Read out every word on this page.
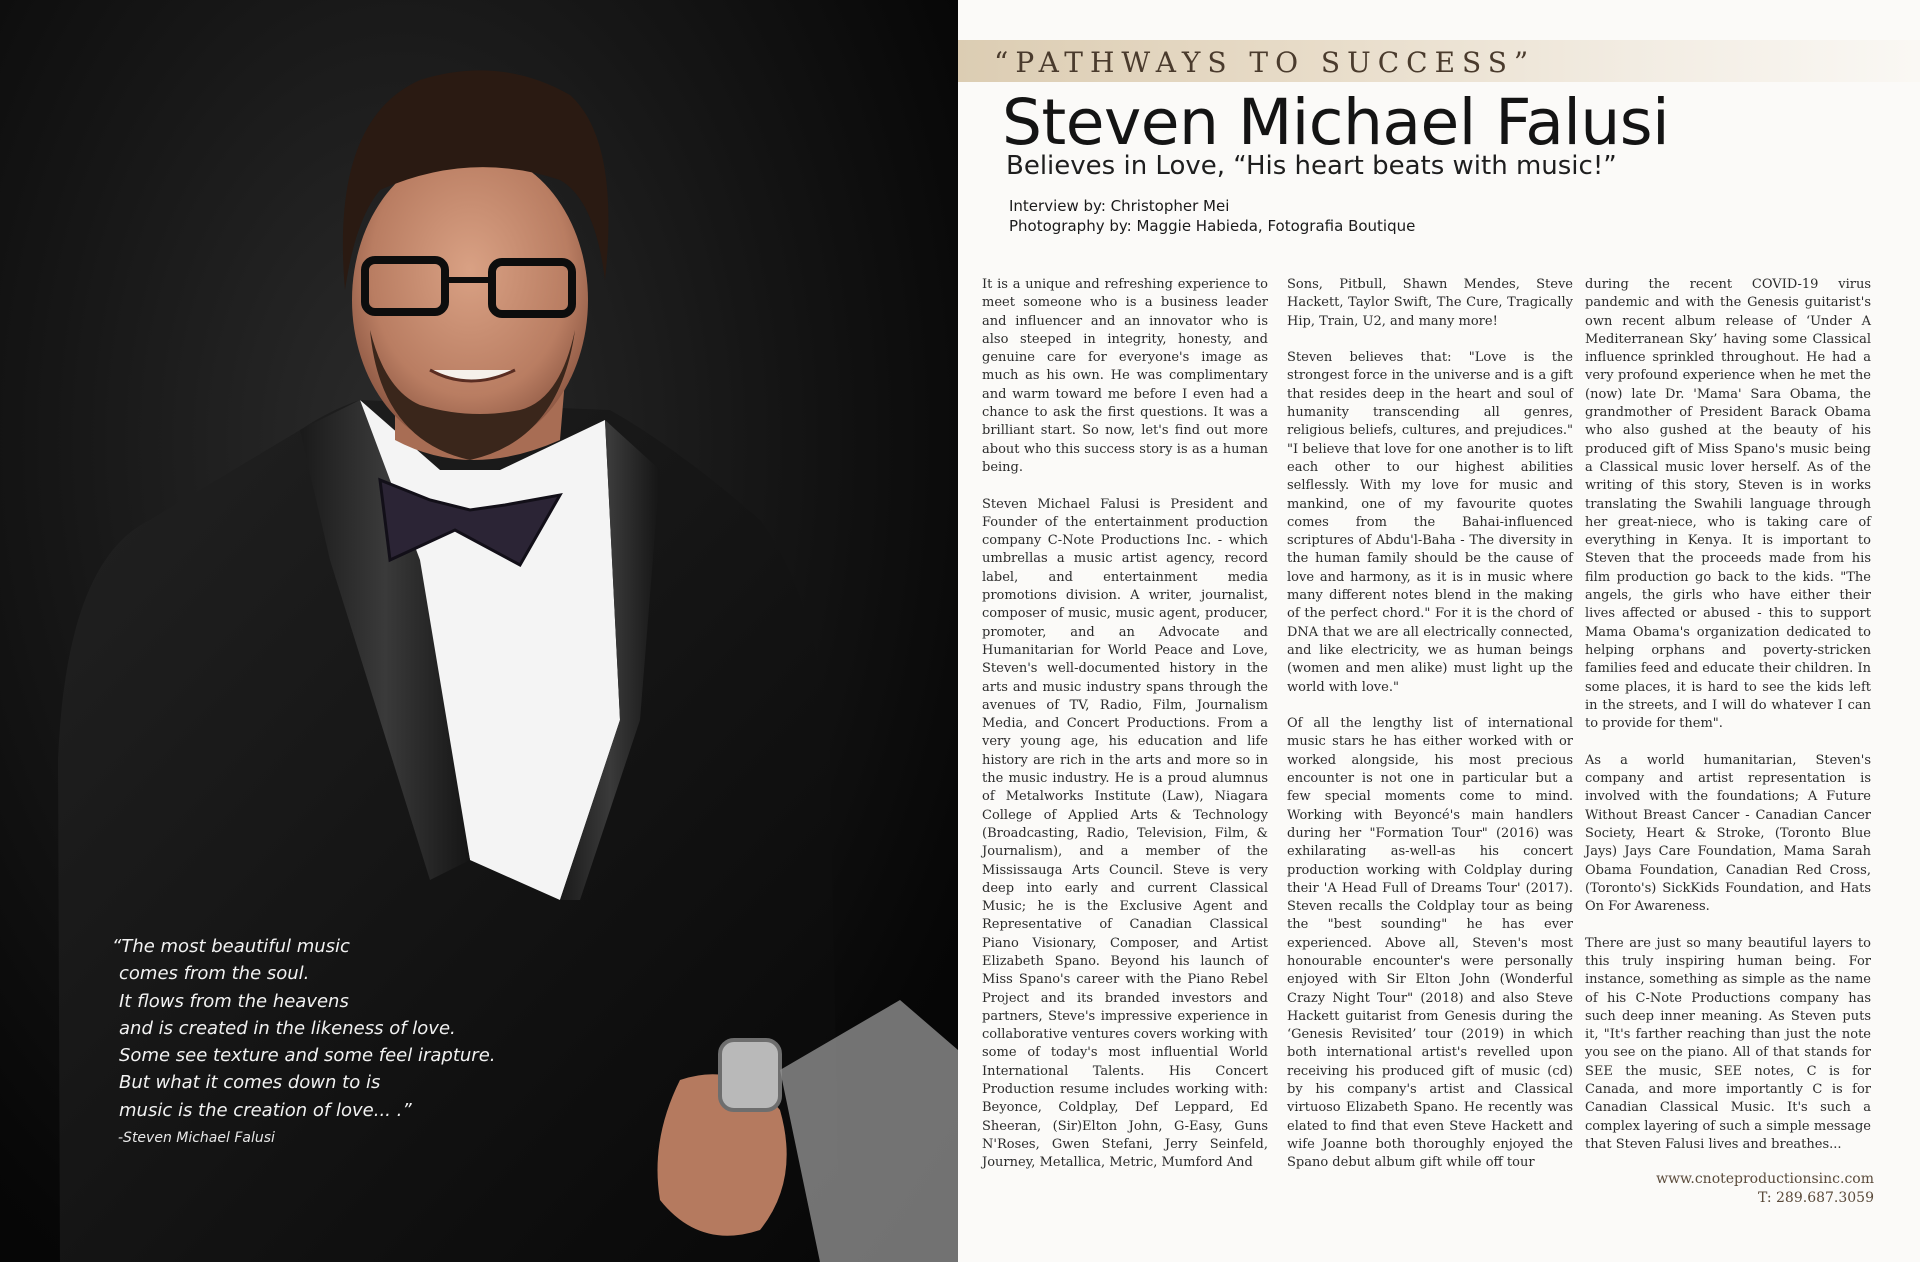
“The most beautiful music
comes from the soul.
It flows from the heavens
and is created in the likeness of love.
Some see texture and some feel irapture.
But what it comes down to is
music is the creation of love... .”
-Steven Michael Falusi
“PATHWAYS TO SUCCESS”
Steven Michael Falusi
Believes in Love, “His heart beats with music!”
Interview by: Christopher Mei
Photography by: Maggie Habieda, Fotografia Boutique

It is a unique and refreshing experience to meet someone who is a business leader and influencer and an innovator who is also steeped in integrity, honesty, and genuine care for everyone's image as much as his own. He was complimentary and warm toward me before I even had a chance to ask the first questions. It was a brilliant start. So now, let's find out more about who this success story is as a human being.

Steven Michael Falusi is President and Founder of the entertainment production company C-Note Productions Inc. - which umbrellas a music artist agency, record label, and entertainment media promotions division. A writer, journalist, composer of music, music agent, producer, promoter, and an Advocate and Humanitarian for World Peace and Love, Steven's well-documented history in the arts and music industry spans through the avenues of TV, Radio, Film, Journalism Media, and Concert Productions. From a very young age, his education and life history are rich in the arts and more so in the music industry. He is a proud alumnus of Metalworks Institute (Law), Niagara College of Applied Arts & Technology (Broadcasting, Radio, Television, Film, & Journalism), and a member of the Mississauga Arts Council. Steve is very deep into early and current Classical Music; he is the Exclusive Agent and Representative of Canadian Classical Piano Visionary, Composer, and Artist Elizabeth Spano. Beyond his launch of Miss Spano's career with the Piano Rebel Project and its branded investors and partners, Steve's impressive experience in collaborative ventures covers working with some of today's most influential World International Talents. His Concert Production resume includes working with: Beyonce, Coldplay, Def Leppard, Ed Sheeran, (Sir)Elton John, G-Easy, Guns N'Roses, Gwen Stefani, Jerry Seinfeld, Journey, Metallica, Metric, Mumford And

Sons, Pitbull, Shawn Mendes, Steve Hackett, Taylor Swift, The Cure, Tragically Hip, Train, U2, and many more!

Steven believes that: "Love is the strongest force in the universe and is a gift that resides deep in the heart and soul of humanity transcending all genres, religious beliefs, cultures, and prejudices." "I believe that love for one another is to lift each other to our highest abilities selflessly. With my love for music and mankind, one of my favourite quotes comes from the Bahai-influenced scriptures of Abdu'l-Baha - The diversity in the human family should be the cause of love and harmony, as it is in music where many different notes blend in the making of the perfect chord." For it is the chord of DNA that we are all electrically connected, and like electricity, we as human beings (women and men alike) must light up the world with love."

Of all the lengthy list of international music stars he has either worked with or worked alongside, his most precious encounter is not one in particular but a few special moments come to mind. Working with Beyoncé's main handlers during her "Formation Tour" (2016) was exhilarating as-well-as his concert production working with Coldplay during their 'A Head Full of Dreams Tour' (2017). Steven recalls the Coldplay tour as being the "best sounding" he has ever experienced. Above all, Steven's most honourable encounter's were personally enjoyed with Sir Elton John (Wonderful Crazy Night Tour" (2018) and also Steve Hackett guitarist from Genesis during the ‘Genesis Revisited’ tour (2019) in which both international artist's revelled upon receiving his produced gift of music (cd) by his company's artist and Classical virtuoso Elizabeth Spano. He recently was elated to find that even Steve Hackett and wife Joanne both thoroughly enjoyed the Spano debut album gift while off tour

during the recent COVID-19 virus pandemic and with the Genesis guitarist's own recent album release of ‘Under A Mediterranean Sky’ having some Classical influence sprinkled throughout. He had a very profound experience when he met the (now) late Dr. 'Mama' Sara Obama, the grandmother of President Barack Obama who also gushed at the beauty of his produced gift of Miss Spano's music being a Classical music lover herself. As of the writing of this story, Steven is in works translating the Swahili language through her great-niece, who is taking care of everything in Kenya. It is important to Steven that the proceeds made from his film production go back to the kids. "The angels, the girls who have either their lives affected or abused - this to support Mama Obama's organization dedicated to helping orphans and poverty-stricken families feed and educate their children. In some places, it is hard to see the kids left in the streets, and I will do whatever I can to provide for them".

As a world humanitarian, Steven's company and artist representation is involved with the foundations; A Future Without Breast Cancer - Canadian Cancer Society, Heart & Stroke, (Toronto Blue Jays) Jays Care Foundation, Mama Sarah Obama Foundation, Canadian Red Cross, (Toronto's) SickKids Foundation, and Hats On For Awareness.

There are just so many beautiful layers to this truly inspiring human being. For instance, something as simple as the name of his C-Note Productions company has such deep inner meaning. As Steven puts it, "It's farther reaching than just the note you see on the piano. All of that stands for SEE the music, SEE notes, C is for Canada, and more importantly C is for Canadian Classical Music. It's such a complex layering of such a simple message that Steven Falusi lives and breathes...

www.cnoteproductionsinc.com
T: 289.687.3059
